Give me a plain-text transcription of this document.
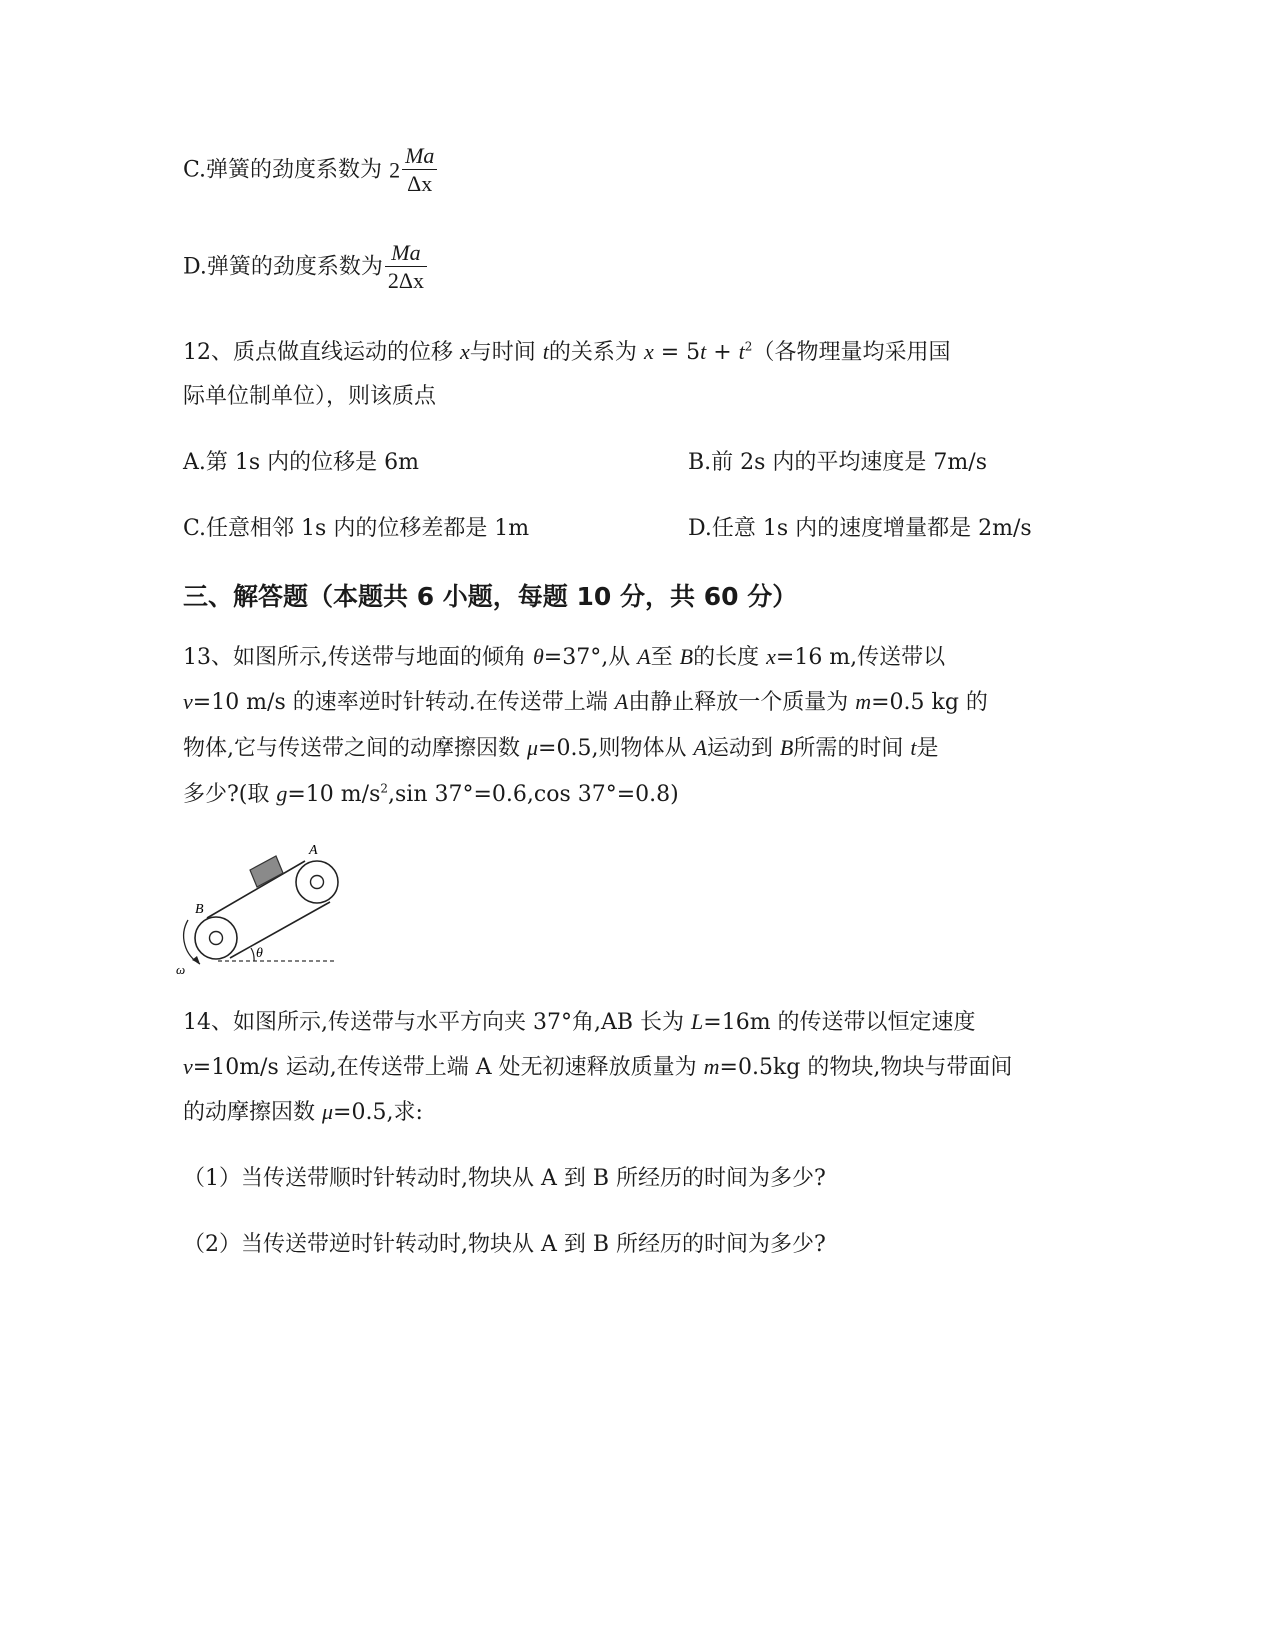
C.弹簧的劲度系数为 $2 \frac{Ma}{\Delta x}$
D.弹簧的劲度系数为 $\frac{Ma}{2\Delta x}$
12、质点做直线运动的位移 x与时间 t的关系为 $x = 5t + t^2$（各物理量均采用国
际单位制单位），则该质点
A.第 1s 内的位移是 6m	B.前 2s 内的平均速度是 7m/s
C.任意相邻 1s 内的位移差都是 1m	D.任意 1s 内的速度增量都是 2m/s
三、解答题（本题共 6 小题，每题 10 分，共 60 分）
13、如图所示,传送带与地面的倾角 θ=37°,从 A至 B的长度 x=16 m,传送带以
v=10 m/s 的速率逆时针转动.在传送带上端 A由静止释放一个质量为 m=0.5 kg 的
物体,它与传送带之间的动摩擦因数 μ=0.5,则物体从 A运动到 B所需的时间 t是
多少?(取 g=10 $m/s^2,\sin$ 37°=0.6,cos 37°=0.8)
A
B
θ
ω
14、如图所示,传送带与水平方向夹 37°角,AB 长为 L=16m 的传送带以恒定速度
v=10m/s 运动,在传送带上端 A 处无初速释放质量为 m=0.5kg 的物块,物块与带面间
的动摩擦因数 μ=0.5,求:
（1）当传送带顺时针转动时,物块从 A 到 B 所经历的时间为多少?
（2）当传送带逆时针转动时,物块从 A 到 B 所经历的时间为多少?
